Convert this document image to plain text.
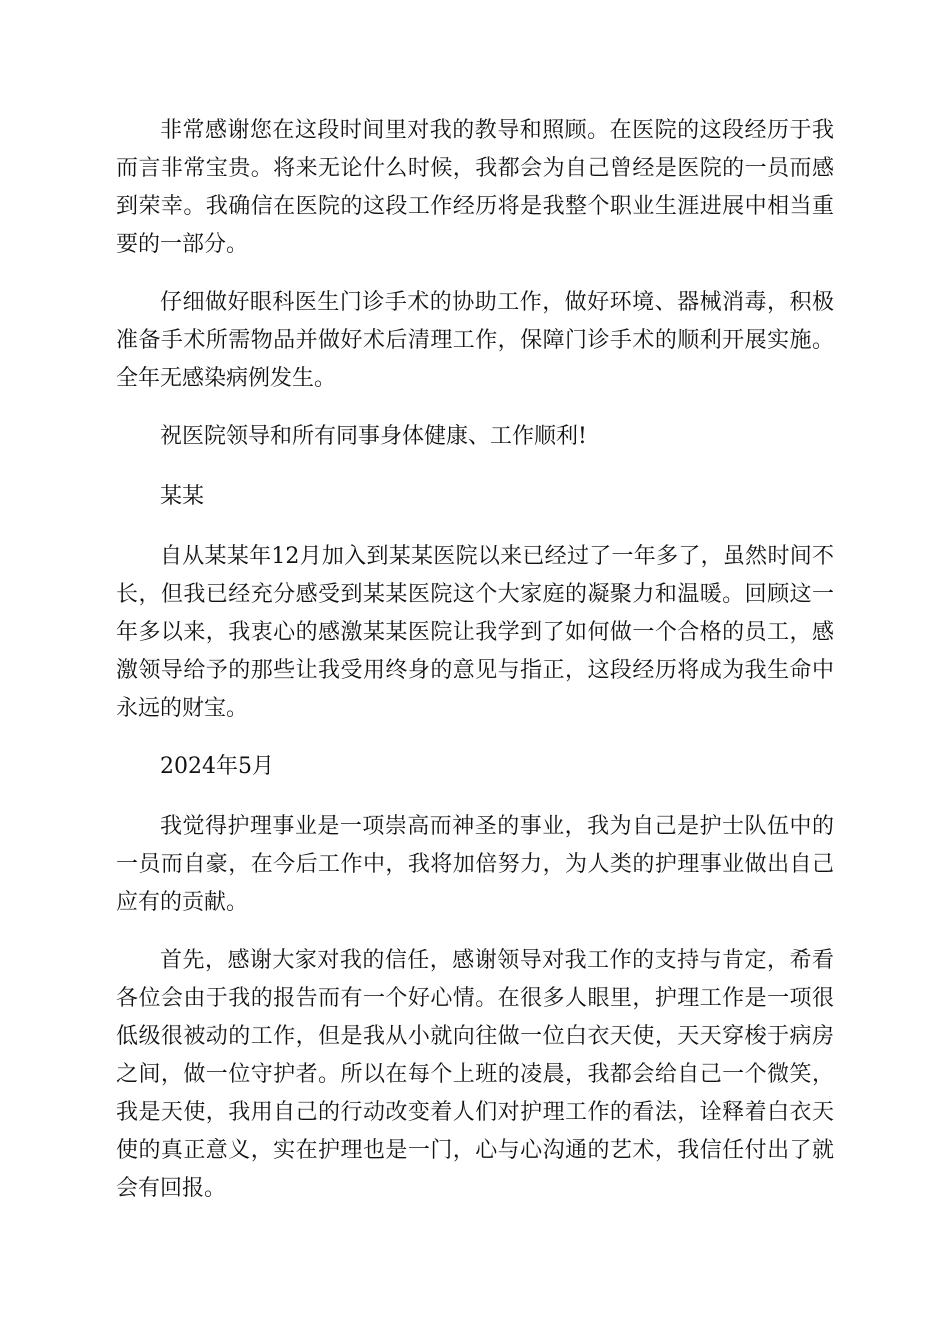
非常感谢您在这段时间里对我的教导和照顾。在医院的这段经历于我而言非常宝贵。将来无论什么时候，我都会为自己曾经是医院的一员而感到荣幸。我确信在医院的这段工作经历将是我整个职业生涯进展中相当重要的一部分。

仔细做好眼科医生门诊手术的协助工作，做好环境、器械消毒，积极准备手术所需物品并做好术后清理工作，保障门诊手术的顺利开展实施。全年无感染病例发生。

祝医院领导和所有同事身体健康、工作顺利!

某某

自从某某年12月加入到某某医院以来已经过了一年多了，虽然时间不长，但我已经充分感受到某某医院这个大家庭的凝聚力和温暖。回顾这一年多以来，我衷心的感激某某医院让我学到了如何做一个合格的员工，感激领导给予的那些让我受用终身的意见与指正，这段经历将成为我生命中永远的财宝。

2024年5月

我觉得护理事业是一项崇高而神圣的事业，我为自己是护士队伍中的一员而自豪，在今后工作中，我将加倍努力，为人类的护理事业做出自己应有的贡献。

首先，感谢大家对我的信任，感谢领导对我工作的支持与肯定，希看各位会由于我的报告而有一个好心情。在很多人眼里，护理工作是一项很低级很被动的工作，但是我从小就向往做一位白衣天使，天天穿梭于病房之间，做一位守护者。所以在每个上班的凌晨，我都会给自己一个微笑，我是天使，我用自己的行动改变着人们对护理工作的看法，诠释着白衣天使的真正意义，实在护理也是一门，心与心沟通的艺术，我信任付出了就会有回报。
